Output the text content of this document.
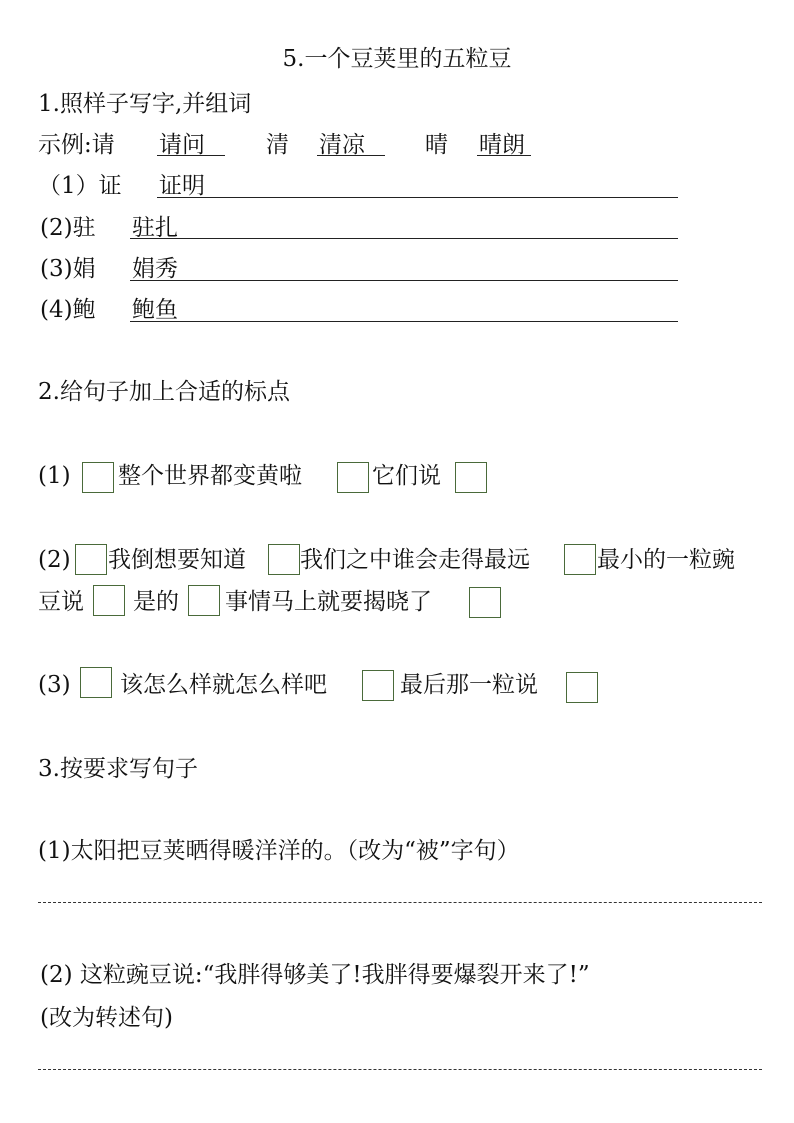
5.一个豆荚里的五粒豆
1.照样子写字,并组词
示例:请 请问	清 清凉	晴 晴朗
（1）证 证明
(2)驻 驻扎
(3)娟 娟秀
(4)鲍 鲍鱼
2.给句子加上合适的标点
(1) 整个世界都变黄啦	它们说
(2) 我倒想要知道 我们之中谁会走得最远	最小的一粒豌
豆说 是的 事情马上就要揭晓了
(3) 该怎么样就怎么样吧	最后那一粒说
3.按要求写句子
(1)太阳把豆荚晒得暖洋洋的。（改为“被”字句）
(2) 这粒豌豆说:“我胖得够美了!我胖得要爆裂开来了!”
(改为转述句)
